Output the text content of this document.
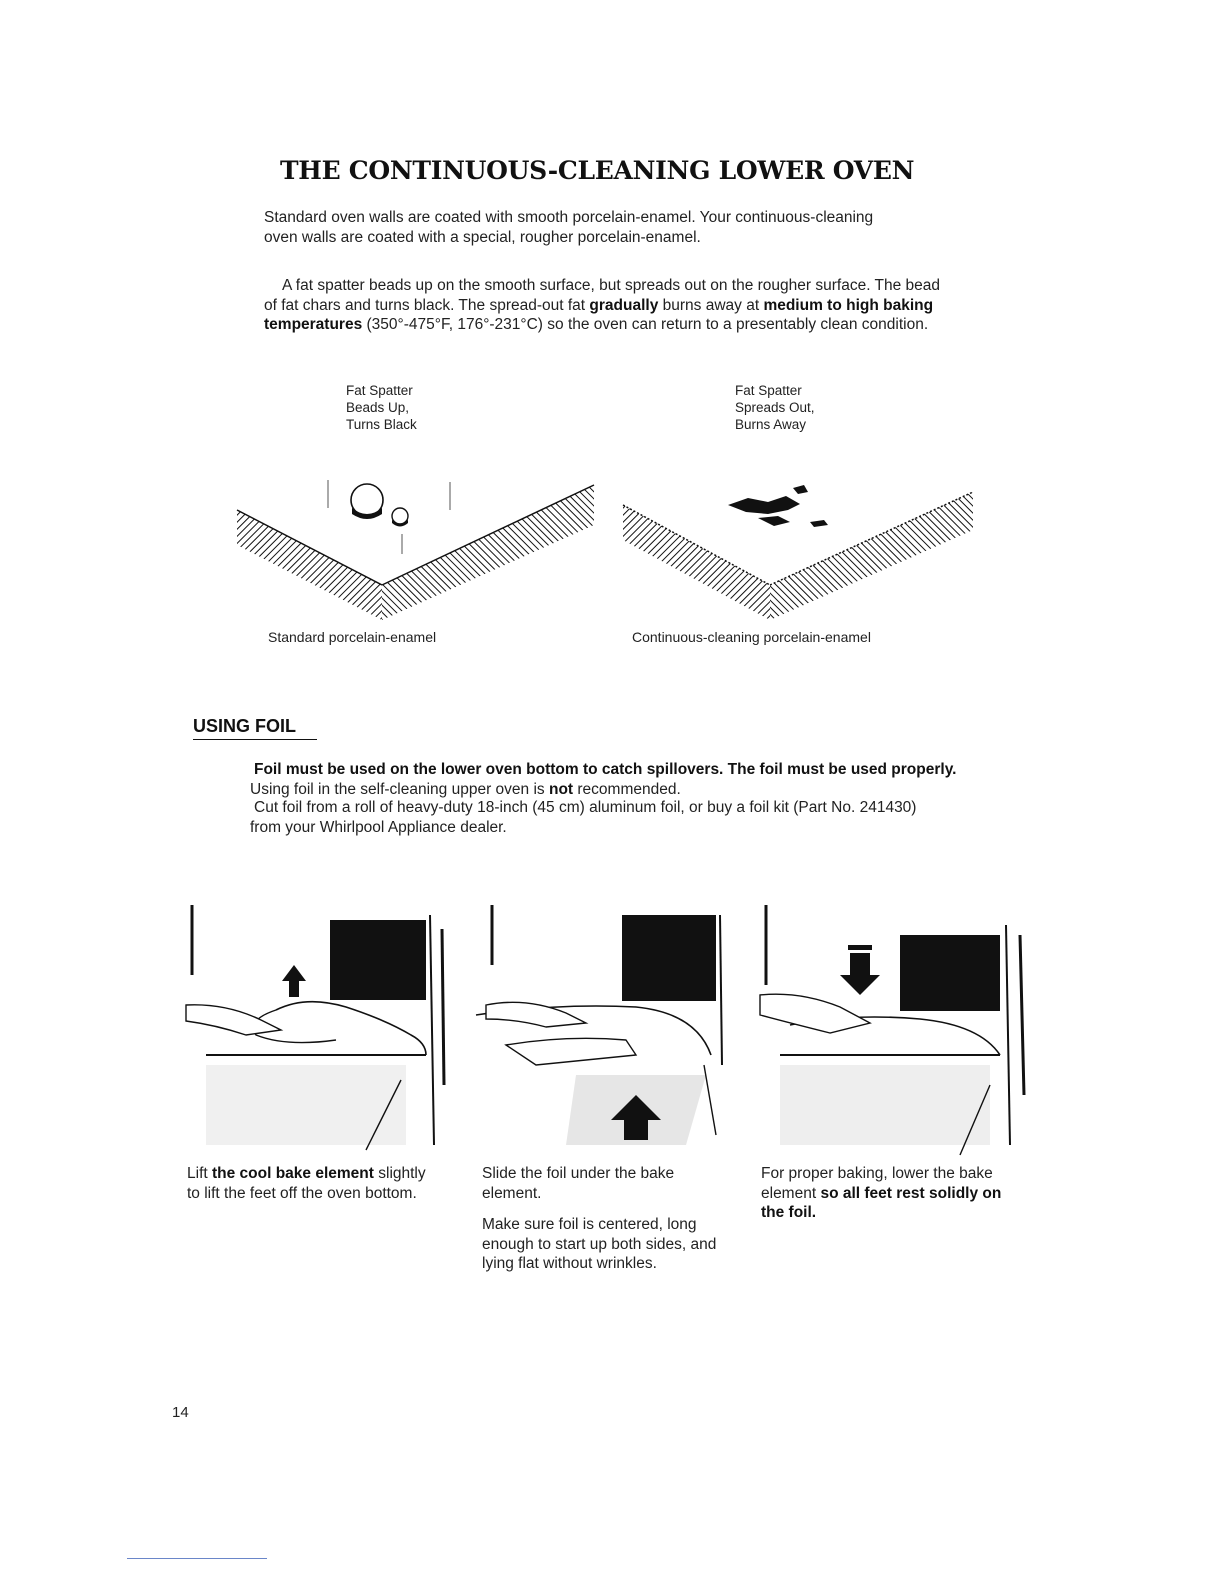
THE CONTINUOUS-CLEANING LOWER OVEN

Standard oven walls are coated with smooth porcelain-enamel. Your continuous-cleaning oven walls are coated with a special, rougher porcelain-enamel.

A fat spatter beads up on the smooth surface, but spreads out on the rougher surface. The bead of fat chars and turns black. The spread-out fat gradually burns away at medium to high baking temperatures (350°-475°F, 176°-231°C) so the oven can return to a presentably clean condition.

Fat Spatter
Beads Up,
Turns Black
Fat Spatter
Spreads Out,
Burns Away
Standard porcelain-enamel	Continuous-cleaning porcelain-enamel
USING FOIL

Foil must be used on the lower oven bottom to catch spillovers. The foil must be used properly. Using foil in the self-cleaning upper oven is not recommended.

Cut foil from a roll of heavy-duty 18-inch (45 cm) aluminum foil, or buy a foil kit (Part No. 241430) from your Whirlpool Appliance dealer.

Lift the cool bake element slightly to lift the feet off the oven bottom.
Slide the foil under the bake element.
Make sure foil is centered, long enough to start up both sides, and lying flat without wrinkles.
For proper baking, lower the bake element so all feet rest solidly on the foil.
14
